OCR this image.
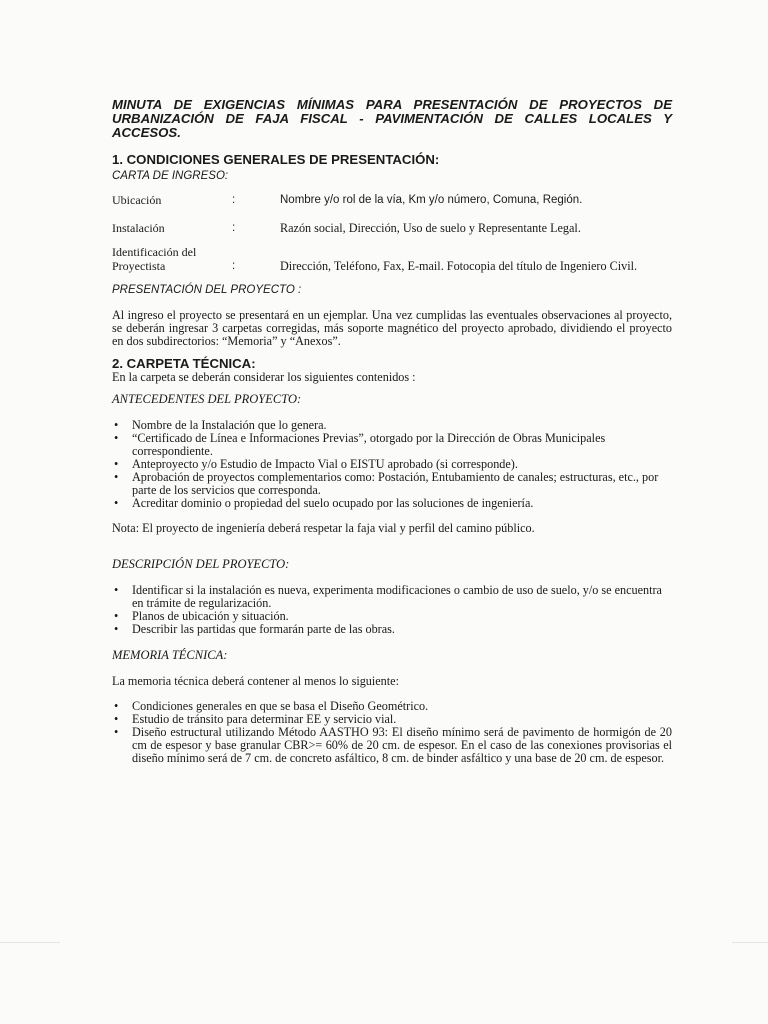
MINUTA DE EXIGENCIAS MÍNIMAS PARA PRESENTACIÓN DE PROYECTOS DE URBANIZACIÓN DE FAJA FISCAL - PAVIMENTACIÓN DE CALLES LOCALES Y ACCESOS.

1. CONDICIONES GENERALES DE PRESENTACIÓN:

CARTA DE INGRESO:

Ubicación	:	Nombre y/o rol de la vía, Km y/o número, Comuna, Región.
Instalación	:	Razón social, Dirección, Uso de suelo y Representante Legal.
Identificación del Proyectista	:	Dirección, Teléfono, Fax, E-mail. Fotocopia del título de Ingeniero Civil.

PRESENTACIÓN DEL PROYECTO :

Al ingreso el proyecto se presentará en un ejemplar. Una vez cumplidas las eventuales observaciones al proyecto, se deberán ingresar 3 carpetas corregidas, más soporte magnético del proyecto aprobado, dividiendo el proyecto en dos subdirectorios: “Memoria” y “Anexos”.

2. CARPETA TÉCNICA:

En la carpeta se deberán considerar los siguientes contenidos :

ANTECEDENTES DEL PROYECTO:

• Nombre de la Instalación que lo genera.
• “Certificado de Línea e Informaciones Previas”, otorgado por la Dirección de Obras Municipales correspondiente.
• Anteproyecto y/o Estudio de Impacto Vial o EISTU aprobado (si corresponde).
• Aprobación de proyectos complementarios como: Postación, Entubamiento de canales; estructuras, etc., por parte de los servicios que corresponda.
• Acreditar dominio o propiedad del suelo ocupado por las soluciones de ingeniería.

Nota: El proyecto de ingeniería deberá respetar la faja vial y perfil del camino público.

DESCRIPCIÓN DEL PROYECTO:

• Identificar si la instalación es nueva, experimenta modificaciones o cambio de uso de suelo, y/o se encuentra en trámite de regularización.
• Planos de ubicación y situación.
• Describir las partidas que formarán parte de las obras.

MEMORIA TÉCNICA:

La memoria técnica deberá contener al menos lo siguiente:

• Condiciones generales en que se basa el Diseño Geométrico.
• Estudio de tránsito para determinar EE y servicio vial.
• Diseño estructural utilizando Método AASTHO 93: El diseño mínimo será de pavimento de hormigón de 20 cm de espesor y base granular CBR>= 60% de 20 cm. de espesor. En el caso de las conexiones provisorias el diseño mínimo será de 7 cm. de concreto asfáltico, 8 cm. de binder asfáltico y una base de 20 cm. de espesor.
